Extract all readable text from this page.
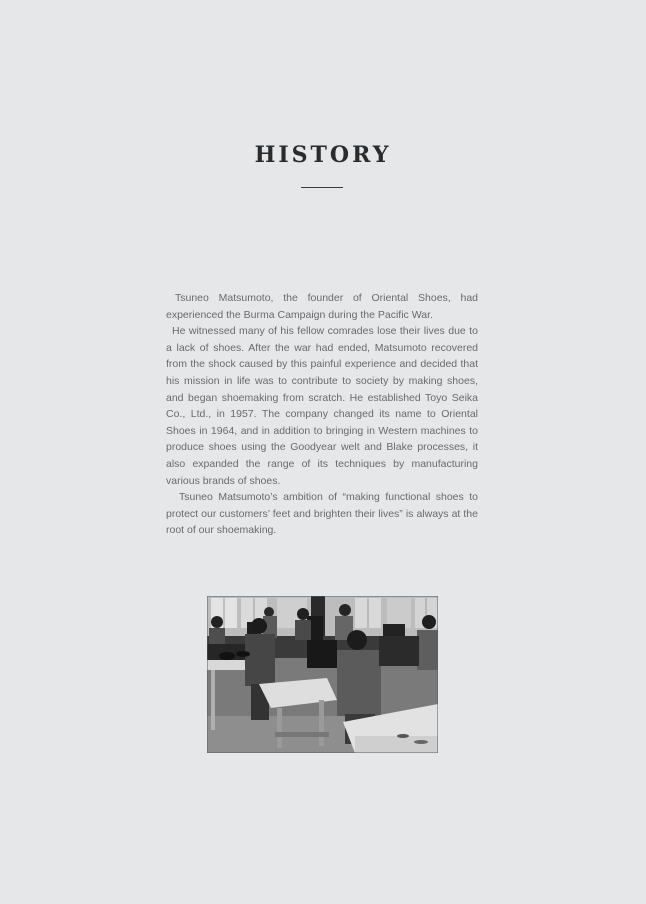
HISTORY

Tsuneo Matsumoto, the founder of Oriental Shoes, had experienced the Burma Campaign during the Pacific War.

He witnessed many of his fellow comrades lose their lives due to a lack of shoes. After the war had ended, Matsumoto recovered from the shock caused by this painful experience and decided that his mission in life was to contribute to society by making shoes, and began shoemaking from scratch. He established Toyo Seika Co., Ltd., in 1957. The company changed its name to Oriental Shoes in 1964, and in addition to bringing in Western machines to produce shoes using the Goodyear welt and Blake processes, it also expanded the range of its techniques by manufacturing various brands of shoes.

Tsuneo Matsumoto’s ambition of “making functional shoes to protect our customers’ feet and brighten their lives” is always at the root of our shoemaking.
